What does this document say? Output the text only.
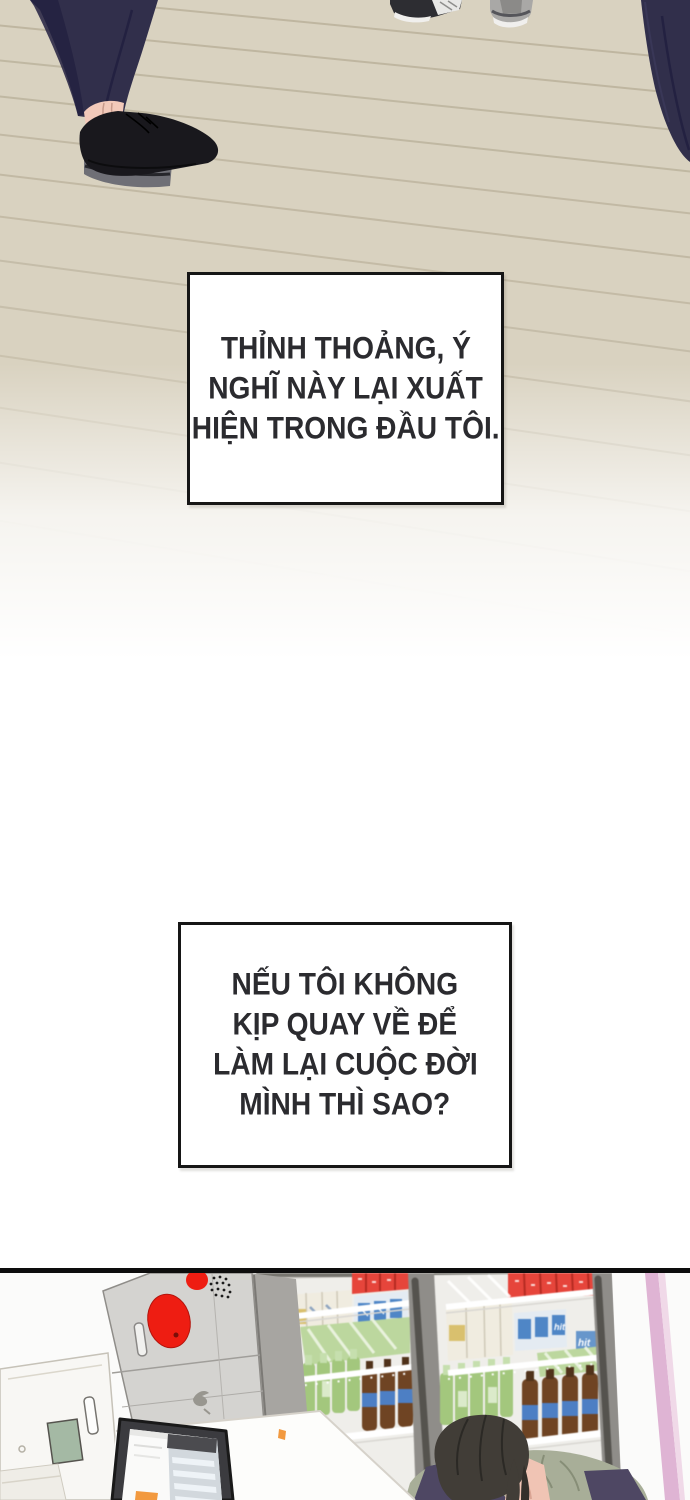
THỈNH THOẢNG, Ý
NGHĨ NÀY LẠI XUẤT
HIỆN TRONG ĐẦU TÔI.
NẾU TÔI KHÔNG
KỊP QUAY VỀ ĐỂ
LÀM LẠI CUỘC ĐỜI
MÌNH THÌ SAO?
hit
hit
